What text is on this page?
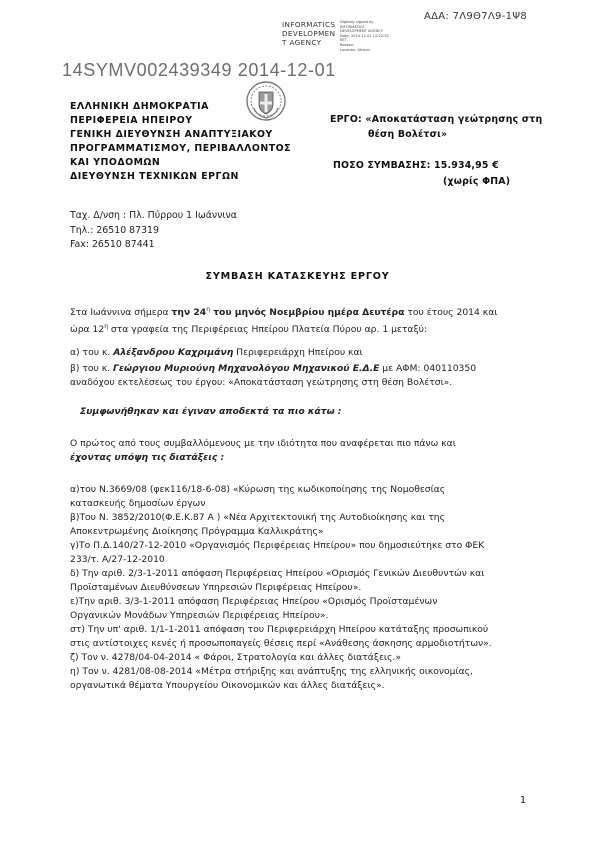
ΑΔΑ: 7Λ9Θ7Λ9-1Ψ8
INFORMATICS
DEVELOPMEN
T AGENCY
Digitally signed by
INFORMATICS
DEVELOPMENT AGENCY
Date: 2014.12.01 12:22:32
EET
Reason:
Location: Athens
14SYMV002439349 2014-12-01
ΕΛΛΗΝΙΚΗ ΔΗΜΟΚΡΑΤΙΑ
ΠΕΡΙΦΕΡΕΙΑ ΗΠΕΙΡΟΥ
ΓΕΝΙΚΗ ΔΙΕΥΘΥΝΣΗ ΑΝΑΠΤΥΞΙΑΚΟΥ
ΠΡΟΓΡΑΜΜΑΤΙΣΜΟΥ, ΠΕΡΙΒΑΛΛΟΝΤΟΣ
ΚΑΙ ΥΠΟΔΟΜΩΝ
ΔΙΕΥΘΥΝΣΗ ΤΕΧΝΙΚΩΝ ΕΡΓΩΝ
ΕΡΓΟ: «Αποκατάσταση γεώτρησης στη
θέση Βολέτσι»
ΠΟΣΟ ΣΥΜΒΑΣΗΣ: 15.934,95 €
(χωρίς ΦΠΑ)
Ταχ. Δ/νση : Πλ. Πύρρου 1 Ιωάννινα
Τηλ.: 26510 87319
Fax: 26510 87441
ΣΥΜΒΑΣΗ ΚΑΤΑΣΚΕΥΗΣ ΕΡΓΟΥ
Στα Ιωάννινα σήμερα την $24^\eta$ του μηνός Νοεμβρίου ημέρα Δευτέρα του έτους 2014 και
ώρα $12^\eta$ στα γραφεία της Περιφέρειας Ηπείρου Πλατεία Πύρου αρ. 1 μεταξύ:
α) του κ. Αλέξανδρου Καχριμάνη Περιφερειάρχη Ηπείρου και
β) του κ. Γεώργιου Μυριούνη Μηχανολόγου Μηχανικού Ε.Δ.Ε με ΑΦΜ: 040110350
αναδόχου εκτελέσεως του έργου: «Αποκατάσταση γεώτρησης στη θέση Βολέτσι».
Συμφωνήθηκαν και έγιναν αποδεκτά τα πιο κάτω :
Ο πρώτος από τους συμβαλλόμενους με την ιδιότητα που αναφέρεται πιο πάνω και
έχοντας υπόψη τις διατάξεις :
α)του Ν.3669/08 (φεκ116/18-6-08) «Κύρωση της κωδικοποίησης της Νομοθεσίας
κατασκευής δημοσίων έργων
β)Του Ν. 3852/2010(Φ.Ε.Κ.87 Α ) «Νέα Αρχιτεκτονική της Αυτοδιοίκησης και της
Αποκεντρωμένης Διοίκησης Πρόγραμμα Καλλικράτης»
γ)Το Π.Δ.140/27-12-2010 «Οργανισμός Περιφέρειας Ηπείρου» που δημοσιεύτηκε στο ΦΕΚ
233/τ. Α/27-12-2010
δ) Την αριθ. 2/3-1-2011 απόφαση Περιφέρειας Ηπείρου «Ορισμός Γενικών Διευθυντών και
Προϊσταμένων Διευθύνσεων Υπηρεσιών Περιφέρειας Ηπείρου».
ε)Την αριθ. 3/3-1-2011 απόφαση Περιφέρειας Ηπείρου «Ορισμός Προϊσταμένων
Οργανικών Μονάδων Υπηρεσιών Περιφέρειας Ηπείρου».
στ) Την υπ' αριθ. 1/1-1-2011 απόφαση του Περιφερειάρχη Ηπείρου κατάταξης προσωπικού
στις αντίστοιχες κενές ή προσωποπαγείς θέσεις περί «Ανάθεσης άσκησης αρμοδιοτήτων».
ζ) Τον ν. 4278/04-04-2014 « Φάροι, Στρατολογία και άλλες διατάξεις.»
η) Τον ν. 4281/08-08-2014 «Μέτρα στήριξης και ανάπτυξης της ελληνικής οικονομίας,
οργανωτικά θέματα Υπουργείου Οικονομικών και άλλες διατάξεις».
1
